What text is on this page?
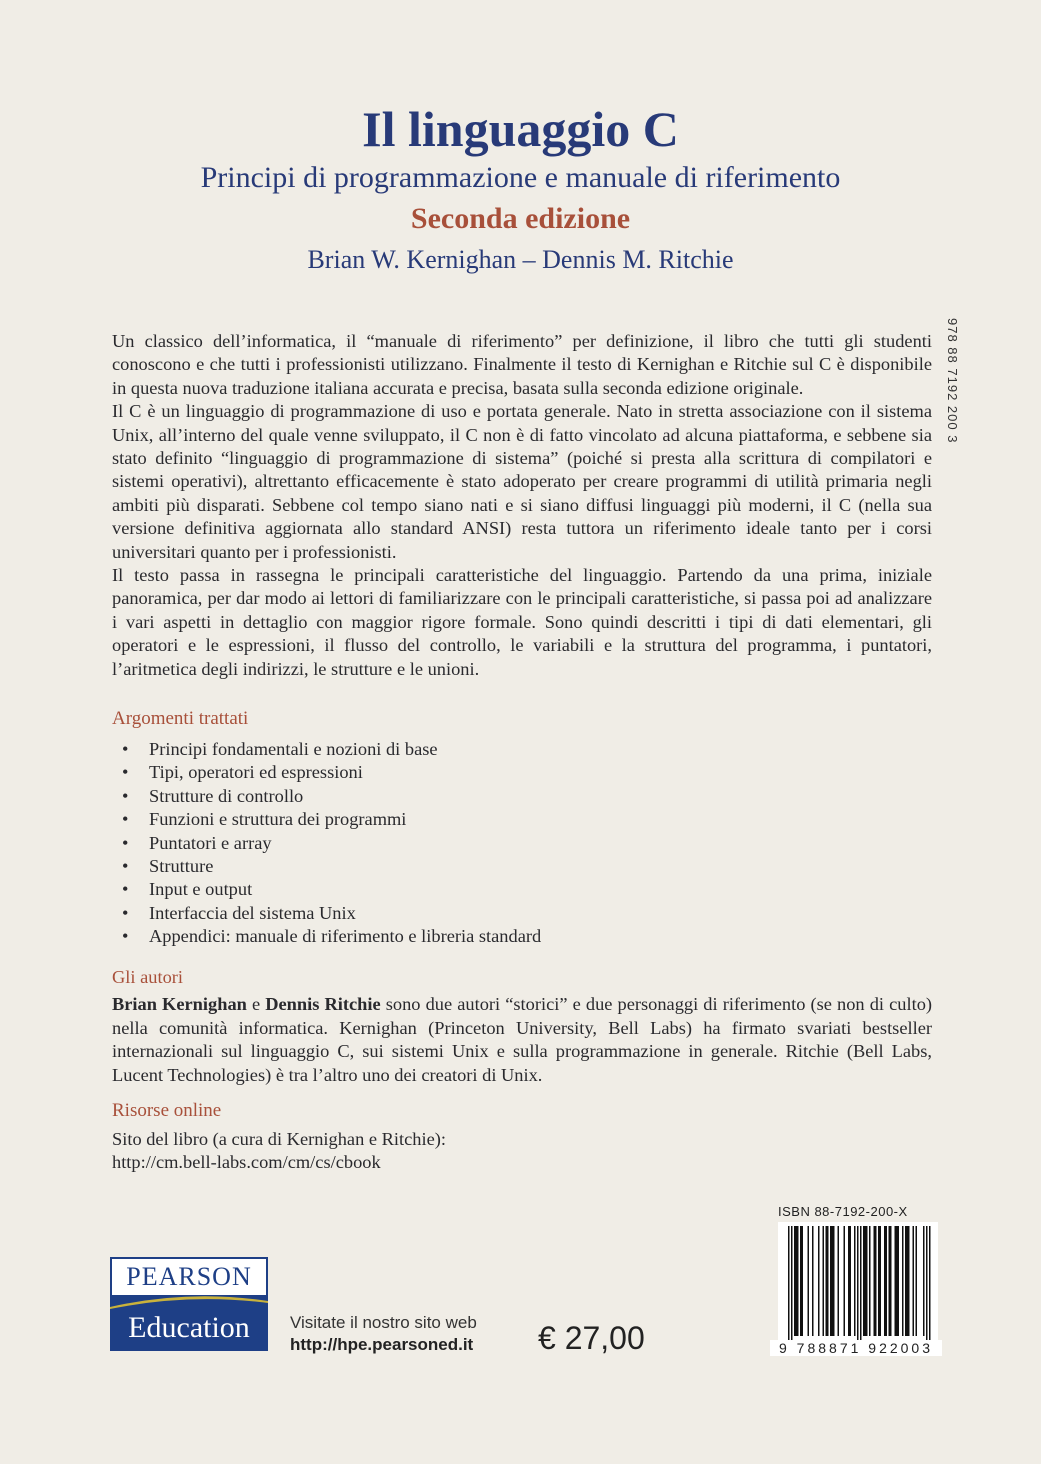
Il linguaggio C

Principi di programmazione e manuale di riferimento

Seconda edizione

Brian W. Kernighan – Dennis M. Ritchie

978 88 7192 200 3

Un classico dell’informatica, il “manuale di riferimento” per definizione, il libro che tutti gli studenti conoscono e che tutti i professionisti utilizzano. Finalmente il testo di Kernighan e Ritchie sul C è disponibile in questa nuova traduzione italiana accurata e precisa, basata sulla seconda edizione originale.

Il C è un linguaggio di programmazione di uso e portata generale. Nato in stretta associazione con il sistema Unix, all’interno del quale venne sviluppato, il C non è di fatto vincolato ad alcuna piattaforma, e sebbene sia stato definito “linguaggio di programmazione di sistema” (poiché si presta alla scrittura di compilatori e sistemi operativi), altrettanto efficacemente è stato adoperato per creare programmi di utilità primaria negli ambiti più disparati. Sebbene col tempo siano nati e si siano diffusi linguaggi più moderni, il C (nella sua versione definitiva aggiornata allo standard ANSI) resta tuttora un riferimento ideale tanto per i corsi universitari quanto per i professionisti.

Il testo passa in rassegna le principali caratteristiche del linguaggio. Partendo da una prima, iniziale panoramica, per dar modo ai lettori di familiarizzare con le principali caratteristiche, si passa poi ad analizzare i vari aspetti in dettaglio con maggior rigore formale. Sono quindi descritti i tipi di dati elementari, gli operatori e le espressioni, il flusso del controllo, le variabili e la struttura del programma, i puntatori, l’aritmetica degli indirizzi, le strutture e le unioni.

Argomenti trattati

• Principi fondamentali e nozioni di base
• Tipi, operatori ed espressioni
• Strutture di controllo
• Funzioni e struttura dei programmi
• Puntatori e array
• Strutture
• Input e output
• Interfaccia del sistema Unix
• Appendici: manuale di riferimento e libreria standard

Gli autori

Brian Kernighan e Dennis Ritchie sono due autori “storici” e due personaggi di riferimento (se non di culto) nella comunità informatica. Kernighan (Princeton University, Bell Labs) ha firmato svariati bestseller internazionali sul linguaggio C, sui sistemi Unix e sulla programmazione in generale. Ritchie (Bell Labs, Lucent Technologies) è tra l’altro uno dei creatori di Unix.

Risorse online

Sito del libro (a cura di Kernighan e Ritchie):

http://cm.bell-labs.com/cm/cs/cbook

PEARSON
Education	Visitate il nostro sito web
http://hpe.pearsoned.it	€ 27,00
ISBN 88-7192-200-X
9 788871 922003
